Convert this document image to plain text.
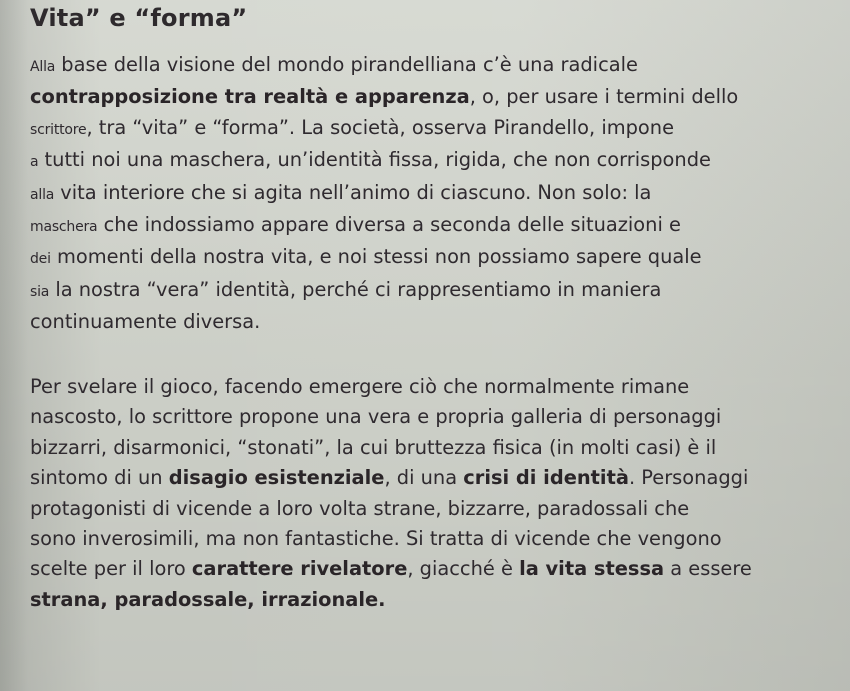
Vita” e “forma”
Alla base della visione del mondo pirandelliana c’è una radicale
contrapposizione tra realtà e apparenza, o, per usare i termini dello
scrittore, tra “vita” e “forma”. La società, osserva Pirandello, impone
a tutti noi una maschera, un’identità fissa, rigida, che non corrisponde
alla vita interiore che si agita nell’animo di ciascuno. Non solo: la
maschera che indossiamo appare diversa a seconda delle situazioni e
dei momenti della nostra vita, e noi stessi non possiamo sapere quale
sia la nostra “vera” identità, perché ci rappresentiamo in maniera
continuamente diversa.
Per svelare il gioco, facendo emergere ciò che normalmente rimane
nascosto, lo scrittore propone una vera e propria galleria di personaggi
bizzarri, disarmonici, “stonati”, la cui bruttezza fisica (in molti casi) è il
sintomo di un disagio esistenziale, di una crisi di identità. Personaggi
protagonisti di vicende a loro volta strane, bizzarre, paradossali che
sono inverosimili, ma non fantastiche. Si tratta di vicende che vengono
scelte per il loro carattere rivelatore, giacché è la vita stessa a essere
strana, paradossale, irrazionale.
